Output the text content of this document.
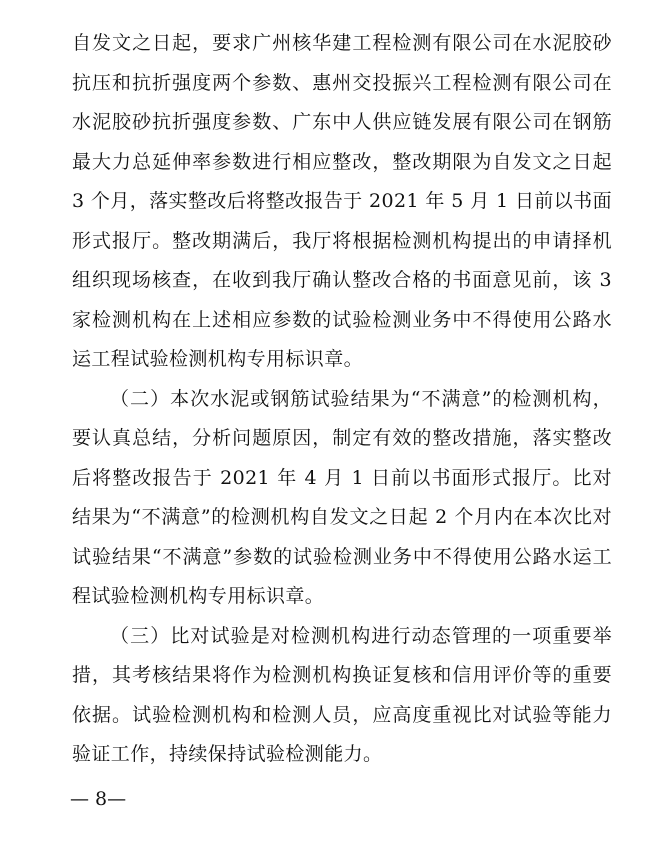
自发文之日起，要求广州核华建工程检测有限公司在水泥胶砂抗压和抗折强度两个参数、惠州交投振兴工程检测有限公司在水泥胶砂抗折强度参数、广东中人供应链发展有限公司在钢筋最大力总延伸率参数进行相应整改，整改期限为自发文之日起 3 个月，落实整改后将整改报告于 2021 年 5 月 1 日前以书面形式报厅。整改期满后，我厅将根据检测机构提出的申请择机组织现场核查，在收到我厅确认整改合格的书面意见前，该 3 家检测机构在上述相应参数的试验检测业务中不得使用公路水运工程试验检测机构专用标识章。

（二）本次水泥或钢筋试验结果为“不满意”的检测机构，要认真总结，分析问题原因，制定有效的整改措施，落实整改后将整改报告于 2021 年 4 月 1 日前以书面形式报厅。比对结果为“不满意”的检测机构自发文之日起 2 个月内在本次比对试验结果“不满意”参数的试验检测业务中不得使用公路水运工程试验检测机构专用标识章。

（三）比对试验是对检测机构进行动态管理的一项重要举措，其考核结果将作为检测机构换证复核和信用评价等的重要依据。试验检测机构和检测人员，应高度重视比对试验等能力验证工作，持续保持试验检测能力。

— 8—
